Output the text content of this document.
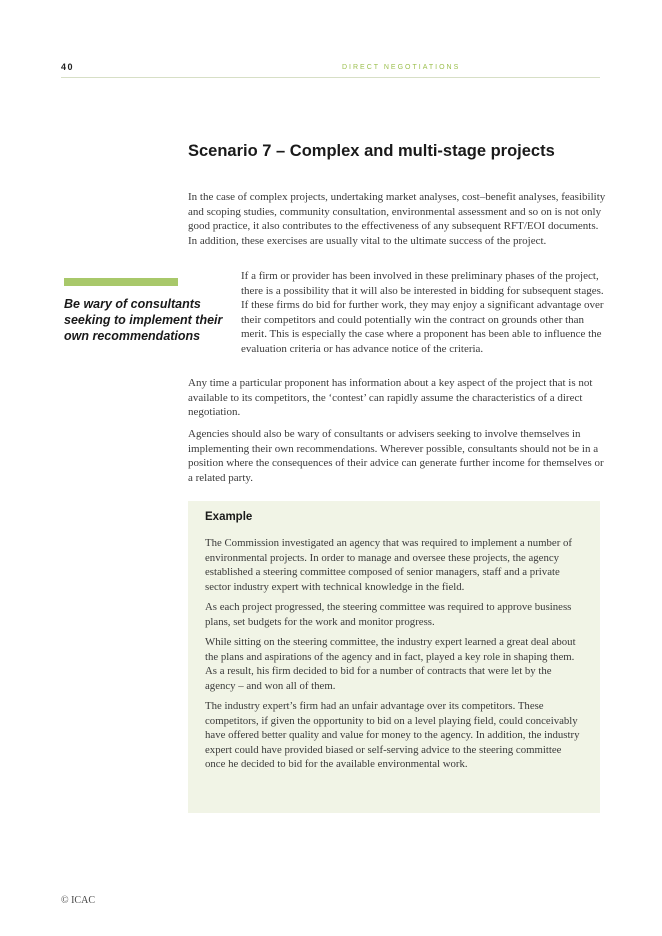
40	DIRECT NEGOTIATIONS
Scenario 7 – Complex and multi-stage projects

In the case of complex projects, undertaking market analyses, cost–benefit analyses, feasibility and scoping studies, community consultation, environmental assessment and so on is not only good practice, it also contributes to the effectiveness of any subsequent RFT/EOI documents. In addition, these exercises are usually vital to the ultimate success of the project.

Be wary of consultants seeking to implement their own recommendations

If a firm or provider has been involved in these preliminary phases of the project, there is a possibility that it will also be interested in bidding for subsequent stages. If these firms do bid for further work, they may enjoy a significant advantage over their competitors and could potentially win the contract on grounds other than merit. This is especially the case where a proponent has been able to influence the evaluation criteria or has advance notice of the criteria.

Any time a particular proponent has information about a key aspect of the project that is not available to its competitors, the ‘contest’ can rapidly assume the characteristics of a direct negotiation.

Agencies should also be wary of consultants or advisers seeking to involve themselves in implementing their own recommendations. Wherever possible, consultants should not be in a position where the consequences of their advice can generate further income for themselves or a related party.

Example

The Commission investigated an agency that was required to implement a number of environmental projects. In order to manage and oversee these projects, the agency established a steering committee composed of senior managers, staff and a private sector industry expert with technical knowledge in the field.

As each project progressed, the steering committee was required to approve business plans, set budgets for the work and monitor progress.

While sitting on the steering committee, the industry expert learned a great deal about the plans and aspirations of the agency and in fact, played a key role in shaping them. As a result, his firm decided to bid for a number of contracts that were let by the agency – and won all of them.

The industry expert’s firm had an unfair advantage over its competitors. These competitors, if given the opportunity to bid on a level playing field, could conceivably have offered better quality and value for money to the agency. In addition, the industry expert could have provided biased or self-serving advice to the steering committee once he decided to bid for the available environmental work.

© ICAC
